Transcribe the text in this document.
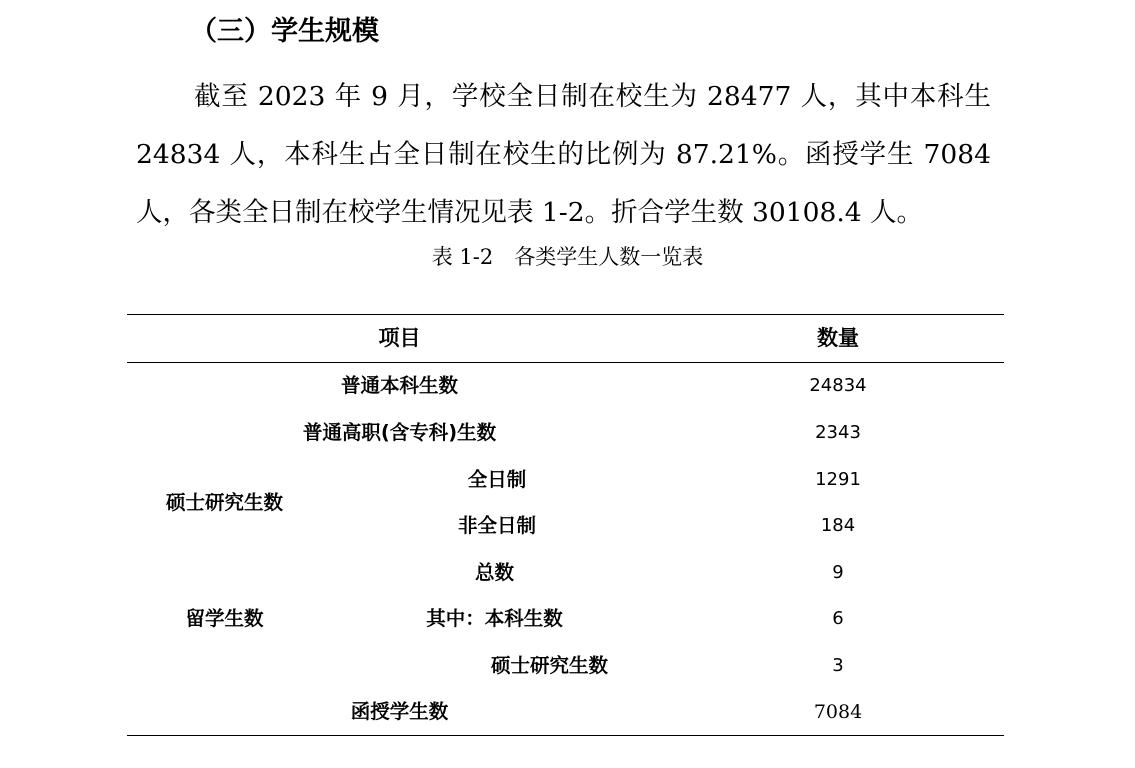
（三）学生规模

截至 2023 年 9 月，学校全日制在校生为 28477 人，其中本科生 24834 人，本科生占全日制在校生的比例为 87.21%。函授学生 7084 人，各类全日制在校学生情况见表 1-2。折合学生数 30108.4 人。

表 1-2　各类学生人数一览表
项目	数量
普通本科生数	24834
普通高职(含专科)生数	2343
硕士研究生数
全日制	1291
非全日制	184
留学生数
总数	9
其中：本科生数	6
硕士研究生数	3
函授学生数	7084
